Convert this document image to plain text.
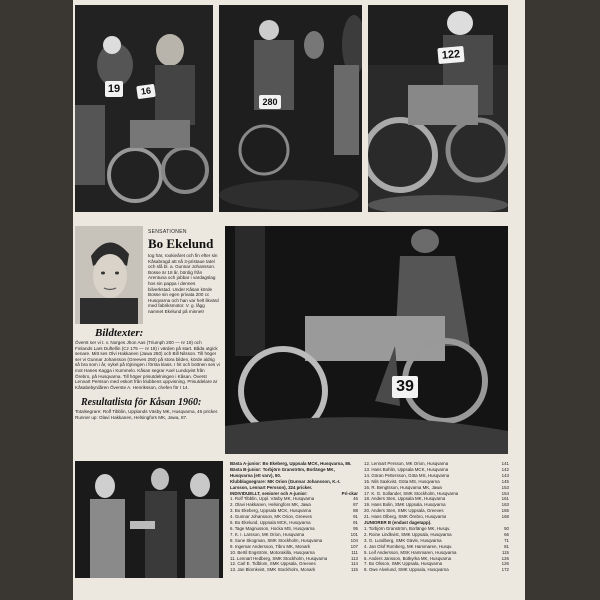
19	16
280
122
SENSATIONEN
Bo Ekelund
tog här, rookieåret och fin efter sin Kåsabragd att nå 3-pristaue tatel och slå bl. a. Gunnar Johansson. Bosse är 18 år, bördig från Arentuna och jobbar i vardagslag hos sin pappa i dennes bilverkstad. Under Kåsan körde Bosse sin egen privata 200 cc Husqvarna och han var helt likvärd med fabriksmotor. V. g. lågg namnet Ekelund på minnet!
Bildtexter:
Överst ser vi t. v. Norges Jhon Aas (Triumph 200 — nr 19) och Finlands Lars Duftellin (Cz 175 — nr 18) i värden på start. Båda utgick senare. Mitt ses Olvi Hakkanen (Jawa 250) och Bill Nilsson. Till höger ser vi Gunnar Johansson (Greeves 250) på stora bilden, körde aldrig så bra som i år, nykel på töjningen i första klass. I hit och bottnen ses vi mot Hanes Kagga i Kummelo. Kåsan segrar Axel Lundqvist från Örebro, på Husqvarna. Till höger prisutdelningen i Kåsan. Överst Lennart Persson med eskort från klubbens uppvisning. Prisutdelare är Kåsabebyrdåren Överste A. Henriksson, chefen för I 14.
Resultatlista för Kåsan 1960:
Totalsegrare: Rolf Tibblin, Upplands Väsby MK, Husqvarna, 46 pricker.
Runner up: Olavi Hakkanen, Helsingfors MK, Jawa, 87.
39
Bästa A-junior: Bo Ekeberg, Uppsala MCK, Husqvarna, 86.
Bästa B-junior: Torbjörn Granström, Borlänge MK, Husqvarna (ett varv), 50.
Klubblagsegrare: MK Orion (Gunnar Johansson, K.-I. Larsson, Lennart Persson), 324 pricker.
INDIVIDUELLT, seniorer och A-junior:	Pri-ckar
1. Rolf Tibblin, Uppl. Väsby MK, Husqvarna	46
2. Olavi Hakkanen, Helsingfors MK, Jawa	87
3. Bo Ekeberg, Uppsala MCK, Husqvarna	88
4. Gunnar Johansson, MK Orion, Greeves	91
5. Bo Ekelund, Uppsala MCK, Husqvarna	91
6. Tage Magnusson, Hocka MS, Husqvarna	95
7. K. I. Larsson, MK Orion, Husqvarna	101
8. Sune Skogman, SMK Stockholm, Husqvarna	104
9. Ingemar Andersson, Tibro MK, Monark	107
10. Bertil Engström, Motorakilla, Husqvarna	111
11. Lennart Hedberg, SMK Stockholm, Husqvarna	113
12. Carl E. Tidblom, SMK Uppsala, Greeves	114
13. Jan Blomkvist, SMK Stockholm, Monark	115
12. Lennart Persson, MK Orion, Husqvarna	141
13. Hans Bohlin, Uppsala MCK, Husqvarna	142
14. Göran Pettersson, Göta MS, Husqvarna	143
15. Nils Saxkvist, Göta MS, Husqvarna	145
16. R. Bengtsson, Husqvarna MK, Jawa	153
17. K. G. Sollander, SMK Stockholm, Husqvarna	154
18. Anders Sten, Uppsala MK, Husqvarna	161
19. Hans Bolin, SMK Uppsala, Husqvarna	163
20. Anders Sten, SMK Uppsala, Greeves	165
21. Hans Olberg, SMK Örebro, Husqvarna	168
JUNIORER B (endast dagetapp).
1. Torbjörn Granström, Borlänge MK, Husqv.	50
2. Roine Lindkvist, SMK Uppsala, Husqvarna	66
3. G. Lundberg, SMK Gävle, Husqvarna	71
4. Jan Olof Romberg, MK Hammaren, Husqv.	81
5. Leif Andersson, MSK Hammaren, Husqvarna	115
6. Anders Jansson, Botkyrka MK, Husqvarna	126
7. Bo Olsson, SMK Uppsala, Husqvarna	126
8. Owe Alvelund, SMK Uppsala, Husqvarna	172
